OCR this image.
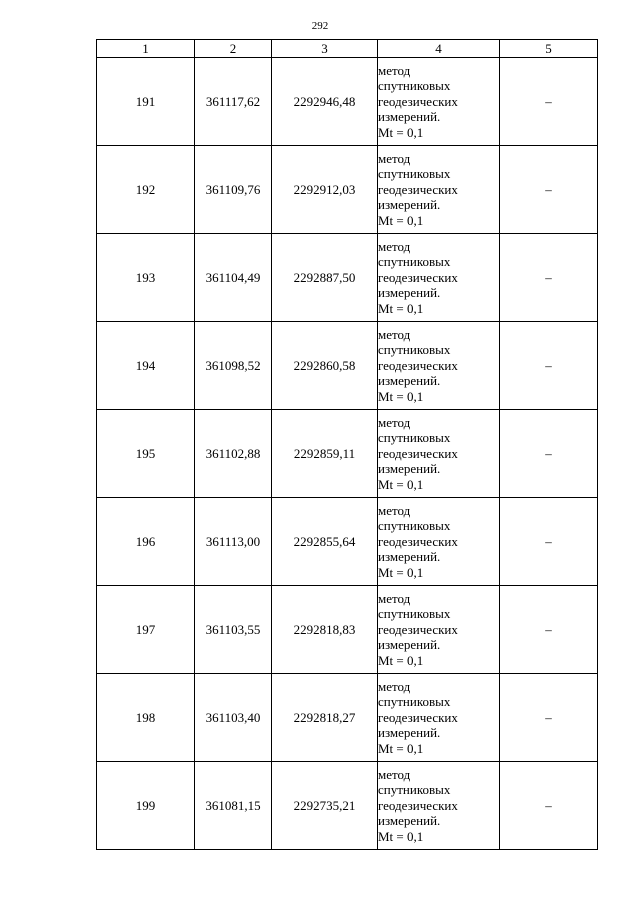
292
1	2	3	4	5
191	361117,62	2292946,48	метод
спутниковых
геодезических
измерений.
Mt = 0,1	–
192	361109,76	2292912,03	метод
спутниковых
геодезических
измерений.
Mt = 0,1	–
193	361104,49	2292887,50	метод
спутниковых
геодезических
измерений.
Mt = 0,1	–
194	361098,52	2292860,58	метод
спутниковых
геодезических
измерений.
Mt = 0,1	–
195	361102,88	2292859,11	метод
спутниковых
геодезических
измерений.
Mt = 0,1	–
196	361113,00	2292855,64	метод
спутниковых
геодезических
измерений.
Mt = 0,1	–
197	361103,55	2292818,83	метод
спутниковых
геодезических
измерений.
Mt = 0,1	–
198	361103,40	2292818,27	метод
спутниковых
геодезических
измерений.
Mt = 0,1	–
199	361081,15	2292735,21	метод
спутниковых
геодезических
измерений.
Mt = 0,1	–
